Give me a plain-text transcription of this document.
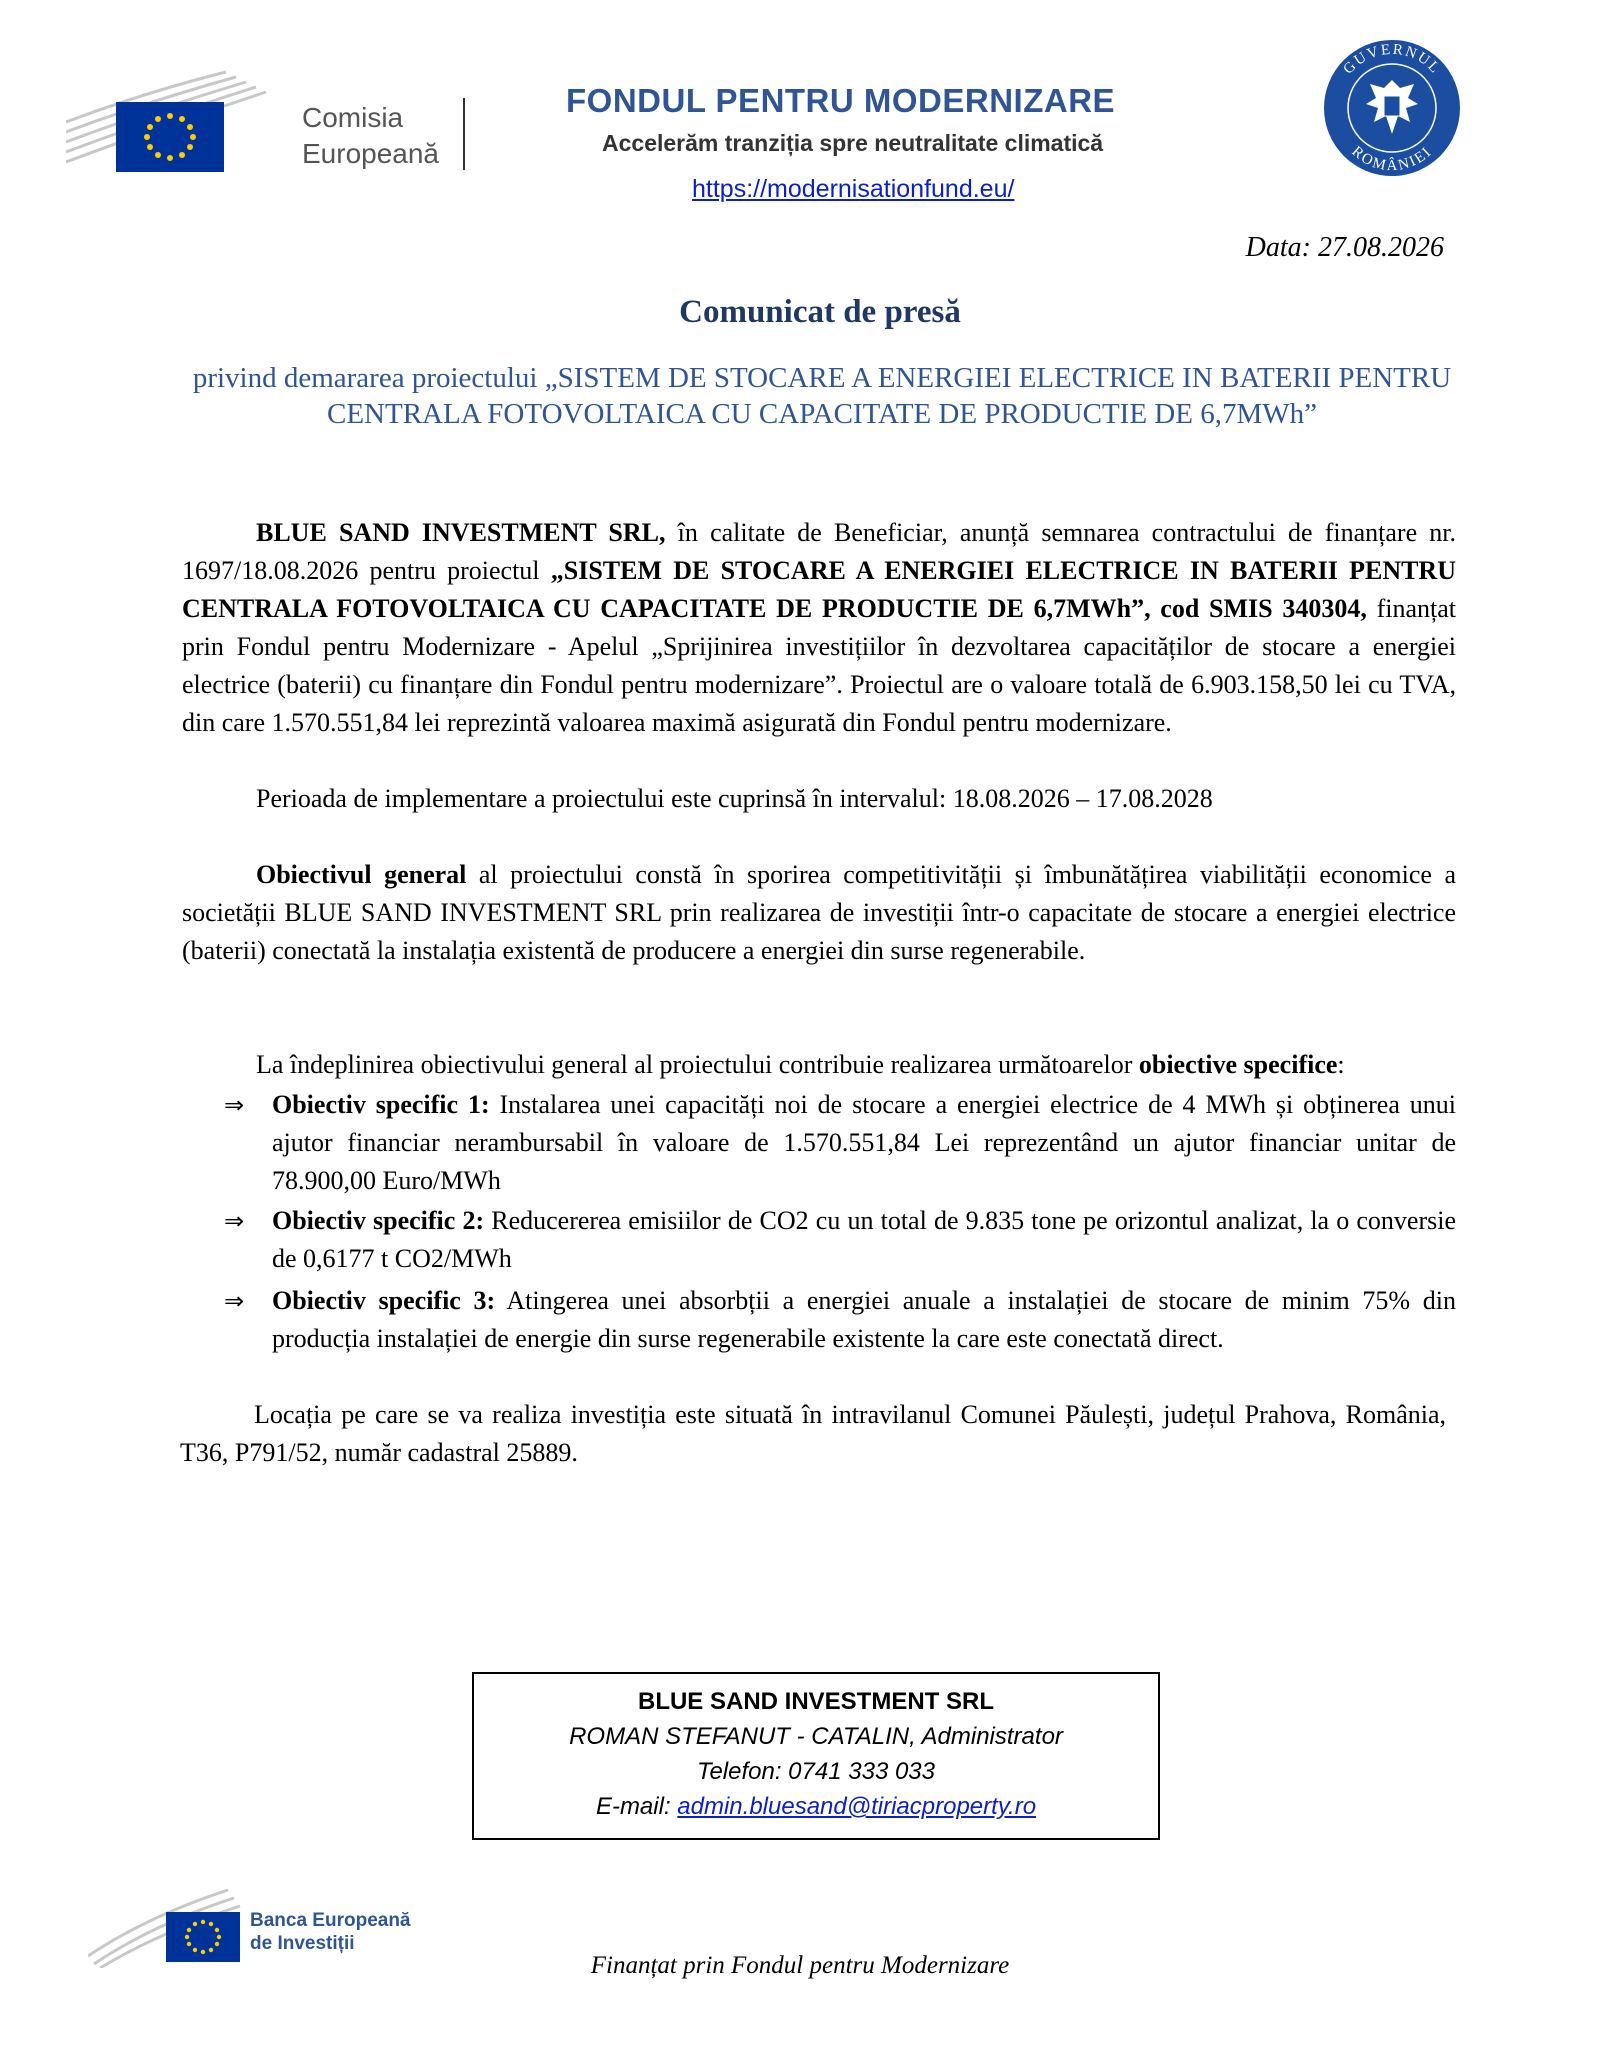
Comisia
Europeană
FONDUL PENTRU MODERNIZARE
Accelerăm tranziția spre neutralitate climatică
https://modernisationfund.eu/
GUVERNUL
ROMÂNIEI
Data: 27.08.2026
Comunicat de presă
privind demararea proiectului „SISTEM DE STOCARE A ENERGIEI ELECTRICE IN BATERII PENTRU
CENTRALA FOTOVOLTAICA CU CAPACITATE DE PRODUCTIE DE 6,7MWh”
BLUE SAND INVESTMENT SRL, în calitate de Beneficiar, anunță semnarea contractului de finanțare nr. 1697/18.08.2026 pentru proiectul „SISTEM DE STOCARE A ENERGIEI ELECTRICE IN BATERII PENTRU CENTRALA FOTOVOLTAICA CU CAPACITATE DE PRODUCTIE DE 6,7MWh”, cod SMIS 340304, finanțat prin Fondul pentru Modernizare - Apelul „Sprijinirea investițiilor în dezvoltarea capacităților de stocare a energiei electrice (baterii) cu finanțare din Fondul pentru modernizare”. Proiectul are o valoare totală de 6.903.158,50 lei cu TVA, din care 1.570.551,84 lei reprezintă valoarea maximă asigurată din Fondul pentru modernizare.
Perioada de implementare a proiectului este cuprinsă în intervalul: 18.08.2026 – 17.08.2028
Obiectivul general al proiectului constă în sporirea competitivității și îmbunătățirea viabilității economice a societății BLUE SAND INVESTMENT SRL prin realizarea de investiții într-o capacitate de stocare a energiei electrice (baterii) conectată la instalația existentă de producere a energiei din surse regenerabile.
La îndeplinirea obiectivului general al proiectului contribuie realizarea următoarelor obiective specifice:
⇒ Obiectiv specific 1: Instalarea unei capacități noi de stocare a energiei electrice de 4 MWh și obținerea unui ajutor financiar nerambursabil în valoare de 1.570.551,84 Lei reprezentând un ajutor financiar unitar de 78.900,00 Euro/MWh
⇒ Obiectiv specific 2: Reducererea emisiilor de CO2 cu un total de 9.835 tone pe orizontul analizat, la o conversie de 0,6177 t CO2/MWh
⇒ Obiectiv specific 3: Atingerea unei absorbții a energiei anuale a instalației de stocare de minim 75% din producția instalației de energie din surse regenerabile existente la care este conectată direct.
Locația pe care se va realiza investiția este situată în intravilanul Comunei Păulești, județul Prahova, România, T36, P791/52, număr cadastral 25889.
BLUE SAND INVESTMENT SRL
ROMAN STEFANUT - CATALIN, Administrator
Telefon: 0741 333 033
E-mail: admin.bluesand@tiriacproperty.ro
Banca Europeană
de Investiții
Finanțat prin Fondul pentru Modernizare
